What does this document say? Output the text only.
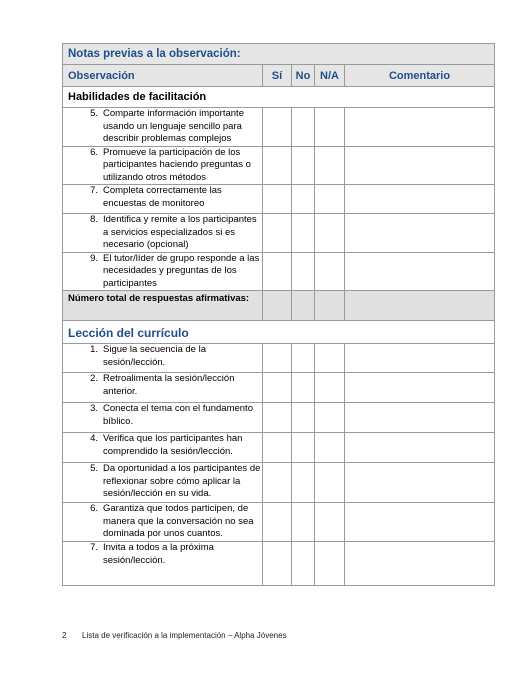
Notas previas a la observación:				
Observación	Sí	No	N/A	Comentario
Habilidades de facilitación				

5. Comparte información importante usando un lenguaje sencillo para describir problemas complejos				

6. Promueve la participación de los participantes haciendo preguntas o utilizando otros métodos				

7. Completa correctamente las encuestas de monitoreo				

8. Identifica y remite a los participantes a servicios especializados si es necesario (opcional)				

9. El tutor/líder de grupo responde a las necesidades y preguntas de los participantes				

Número total de respuestas afirmativas:				
Lección del currículo				

1. Sigue la secuencia de la sesión/lección.				

2. Retroalimenta la sesión/lección anterior.				

3. Conecta el tema con el fundamento bíblico.				

4. Verifica que los participantes han comprendido la sesión/lección.				

5. Da oportunidad a los participantes de reflexionar sobre cómo aplicar la sesión/lección en su vida.				

6. Garantiza que todos participen, de manera que la conversación no sea dominada por unos cuantos.				

7. Invita a todos a la próxima sesión/lección.				

2	Lista de verificación a la implementación – Alpha Jóvenes
